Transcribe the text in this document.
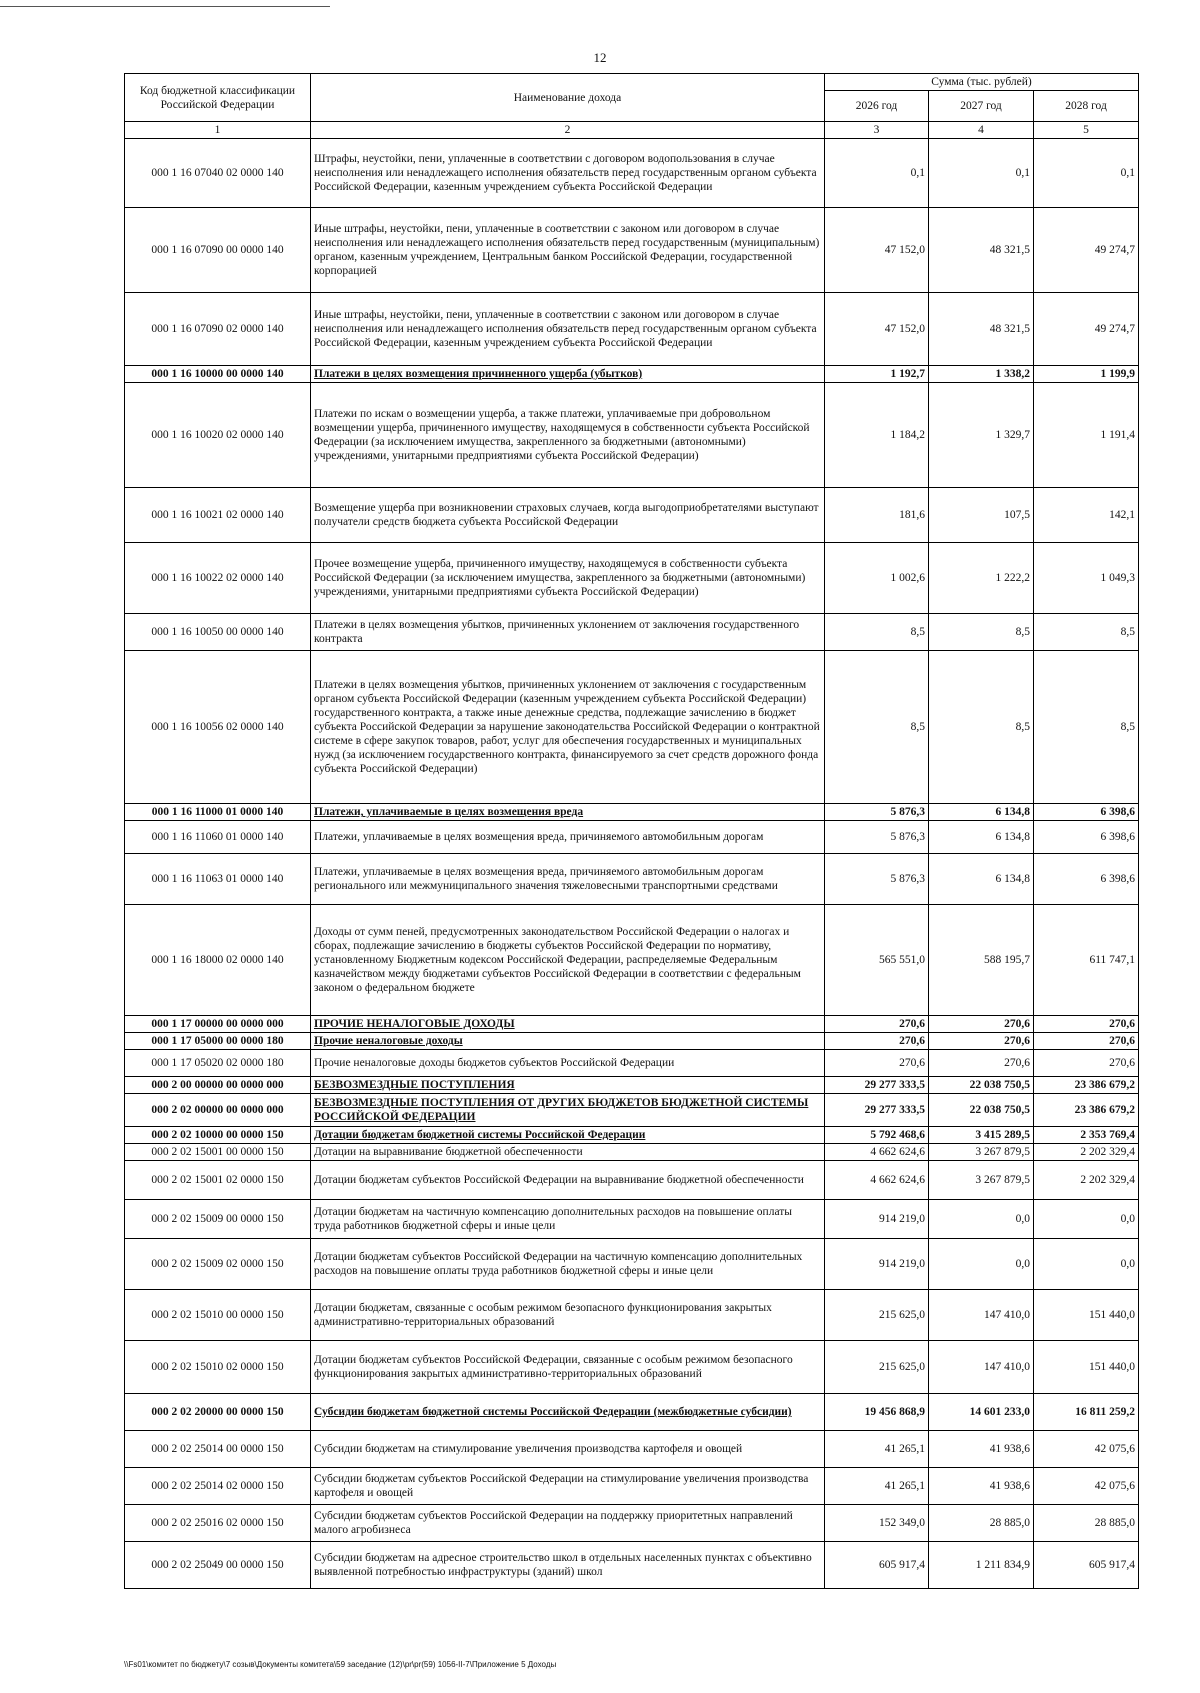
12
Код бюджетной классификации Российской Федерации	Наименование дохода	Сумма (тыс. рублей)		
		2026 год	2027 год	2028 год
1	2	3	4	5
000 1 16 07040 02 0000 140	Штрафы, неустойки, пени, уплаченные в соответствии с договором водопользования в случае неисполнения или ненадлежащего исполнения обязательств перед государственным органом субъекта Российской Федерации, казенным учреждением субъекта Российской Федерации	0,1	0,1	0,1
000 1 16 07090 00 0000 140	Иные штрафы, неустойки, пени, уплаченные в соответствии с законом или договором в случае неисполнения или ненадлежащего исполнения обязательств перед государственным (муниципальным) органом, казенным учреждением, Центральным банком Российской Федерации, государственной корпорацией	47 152,0	48 321,5	49 274,7
000 1 16 07090 02 0000 140	Иные штрафы, неустойки, пени, уплаченные в соответствии с законом или договором в случае неисполнения или ненадлежащего исполнения обязательств перед государственным органом субъекта Российской Федерации, казенным учреждением субъекта Российской Федерации	47 152,0	48 321,5	49 274,7
000 1 16 10000 00 0000 140	Платежи в целях возмещения причиненного ущерба (убытков)	1 192,7	1 338,2	1 199,9
000 1 16 10020 02 0000 140	Платежи по искам о возмещении ущерба, а также платежи, уплачиваемые при добровольном возмещении ущерба, причиненного имуществу, находящемуся в собственности субъекта Российской Федерации (за исключением имущества, закрепленного за бюджетными (автономными) учреждениями, унитарными предприятиями субъекта Российской Федерации)	1 184,2	1 329,7	1 191,4
000 1 16 10021 02 0000 140	Возмещение ущерба при возникновении страховых случаев, когда выгодоприобретателями выступают получатели средств бюджета субъекта Российской Федерации	181,6	107,5	142,1
000 1 16 10022 02 0000 140	Прочее возмещение ущерба, причиненного имуществу, находящемуся в собственности субъекта Российской Федерации (за исключением имущества, закрепленного за бюджетными (автономными) учреждениями, унитарными предприятиями субъекта Российской Федерации)	1 002,6	1 222,2	1 049,3
000 1 16 10050 00 0000 140	Платежи в целях возмещения убытков, причиненных уклонением от заключения государственного контракта	8,5	8,5	8,5
000 1 16 10056 02 0000 140	Платежи в целях возмещения убытков, причиненных уклонением от заключения с государственным органом субъекта Российской Федерации (казенным учреждением субъекта Российской Федерации) государственного контракта, а также иные денежные средства, подлежащие зачислению в бюджет субъекта Российской Федерации за нарушение законодательства Российской Федерации о контрактной системе в сфере закупок товаров, работ, услуг для обеспечения государственных и муниципальных нужд (за исключением государственного контракта, финансируемого за счет средств дорожного фонда субъекта Российской Федерации)	8,5	8,5	8,5
000 1 16 11000 01 0000 140	Платежи, уплачиваемые в целях возмещения вреда	5 876,3	6 134,8	6 398,6
000 1 16 11060 01 0000 140	Платежи, уплачиваемые в целях возмещения вреда, причиняемого автомобильным дорогам	5 876,3	6 134,8	6 398,6
000 1 16 11063 01 0000 140	Платежи, уплачиваемые в целях возмещения вреда, причиняемого автомобильным дорогам регионального или межмуниципального значения тяжеловесными транспортными средствами	5 876,3	6 134,8	6 398,6
000 1 16 18000 02 0000 140	Доходы от сумм пеней, предусмотренных законодательством Российской Федерации о налогах и сборах, подлежащие зачислению в бюджеты субъектов Российской Федерации по нормативу, установленному Бюджетным кодексом Российской Федерации, распределяемые Федеральным казначейством между бюджетами субъектов Российской Федерации в соответствии с федеральным законом о федеральном бюджете	565 551,0	588 195,7	611 747,1
000 1 17 00000 00 0000 000	ПРОЧИЕ НЕНАЛОГОВЫЕ ДОХОДЫ	270,6	270,6	270,6
000 1 17 05000 00 0000 180	Прочие неналоговые доходы	270,6	270,6	270,6
000 1 17 05020 02 0000 180	Прочие неналоговые доходы бюджетов субъектов Российской Федерации	270,6	270,6	270,6
000 2 00 00000 00 0000 000	БЕЗВОЗМЕЗДНЫЕ ПОСТУПЛЕНИЯ	29 277 333,5	22 038 750,5	23 386 679,2
000 2 02 00000 00 0000 000	БЕЗВОЗМЕЗДНЫЕ ПОСТУПЛЕНИЯ ОТ ДРУГИХ БЮДЖЕТОВ БЮДЖЕТНОЙ СИСТЕМЫ РОССИЙСКОЙ ФЕДЕРАЦИИ	29 277 333,5	22 038 750,5	23 386 679,2
000 2 02 10000 00 0000 150	Дотации бюджетам бюджетной системы Российской Федерации	5 792 468,6	3 415 289,5	2 353 769,4
000 2 02 15001 00 0000 150	Дотации на выравнивание бюджетной обеспеченности	4 662 624,6	3 267 879,5	2 202 329,4
000 2 02 15001 02 0000 150	Дотации бюджетам субъектов Российской Федерации на выравнивание бюджетной обеспеченности	4 662 624,6	3 267 879,5	2 202 329,4
000 2 02 15009 00 0000 150	Дотации бюджетам на частичную компенсацию дополнительных расходов на повышение оплаты труда работников бюджетной сферы и иные цели	914 219,0	0,0	0,0
000 2 02 15009 02 0000 150	Дотации бюджетам субъектов Российской Федерации на частичную компенсацию дополнительных расходов на повышение оплаты труда работников бюджетной сферы и иные цели	914 219,0	0,0	0,0
000 2 02 15010 00 0000 150	Дотации бюджетам, связанные с особым режимом безопасного функционирования закрытых административно-территориальных образований	215 625,0	147 410,0	151 440,0
000 2 02 15010 02 0000 150	Дотации бюджетам субъектов Российской Федерации, связанные с особым режимом безопасного функционирования закрытых административно-территориальных образований	215 625,0	147 410,0	151 440,0
000 2 02 20000 00 0000 150	Субсидии бюджетам бюджетной системы Российской Федерации (межбюджетные субсидии)	19 456 868,9	14 601 233,0	16 811 259,2
000 2 02 25014 00 0000 150	Субсидии бюджетам на стимулирование увеличения производства картофеля и овощей	41 265,1	41 938,6	42 075,6
000 2 02 25014 02 0000 150	Субсидии бюджетам субъектов Российской Федерации на стимулирование увеличения производства картофеля и овощей	41 265,1	41 938,6	42 075,6
000 2 02 25016 02 0000 150	Субсидии бюджетам субъектов Российской Федерации на поддержку приоритетных направлений малого агробизнеса	152 349,0	28 885,0	28 885,0
000 2 02 25049 00 0000 150	Субсидии бюджетам на адресное строительство школ в отдельных населенных пунктах с объективно выявленной потребностью инфраструктуры (зданий) школ	605 917,4	1 211 834,9	605 917,4
\\Fs01\комитет по бюджету\7 созыв\Документы комитета\59 заседание (12)\pr\pr(59) 1056-II-7\Приложение 5 Доходы
